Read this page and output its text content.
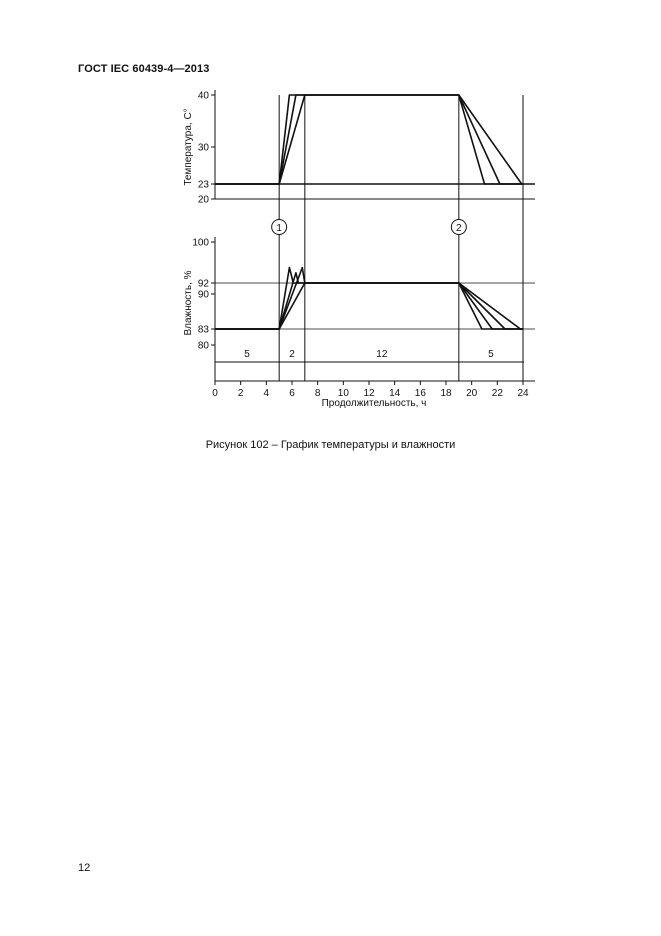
ГОСТ IEC 60439-4—2013
20
23
30
40
80
83
90
92
100
0 2 4 6 8 10 12 14 16 18 20 22 24
5	2	12	5
1	2
Температура, С°
Влажность, %
Продолжительность, ч
Рисунок 102 – График температуры и влажности
12
